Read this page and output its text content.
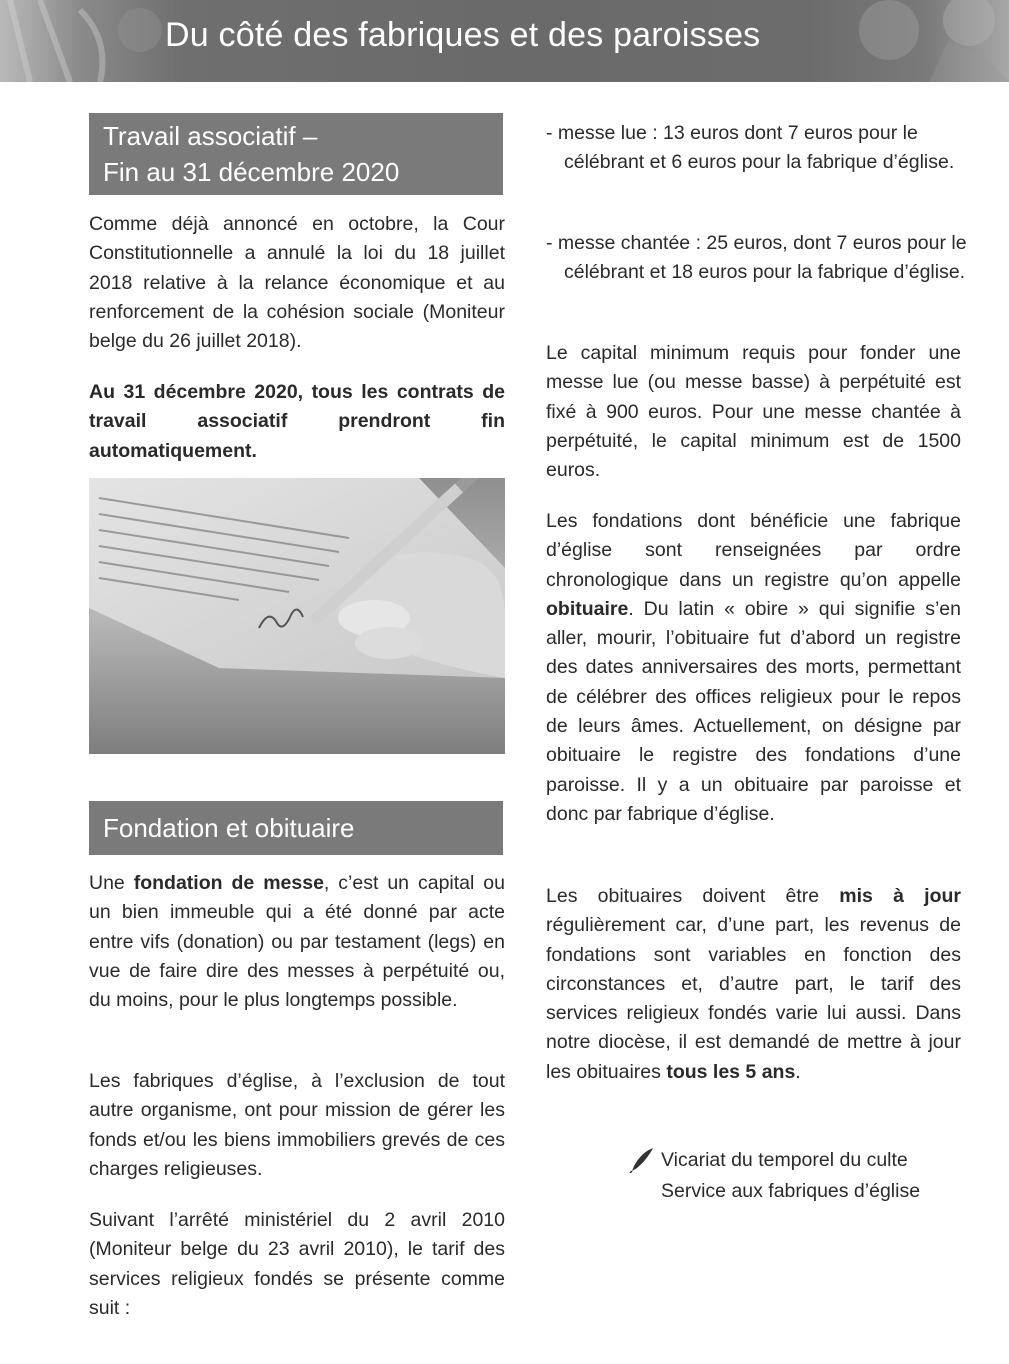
Du côté des fabriques et des paroisses
Travail associatif –
Fin au 31 décembre 2020

Comme déjà annoncé en octobre, la Cour Constitutionnelle a annulé la loi du 18 juillet 2018 relative à la relance économique et au renforcement de la cohésion sociale (Moniteur belge du 26 juillet 2018).

Au 31 décembre 2020, tous les contrats de travail associatif prendront fin automatiquement.

Fondation et obituaire

Une fondation de messe, c’est un capital ou un bien immeuble qui a été donné par acte entre vifs (donation) ou par testament (legs) en vue de faire dire des messes à perpétuité ou, du moins, pour le plus longtemps possible.

Les fabriques d’église, à l’exclusion de tout autre organisme, ont pour mission de gérer les fonds et/ou les biens immobiliers grevés de ces charges religieuses.

Suivant l’arrêté ministériel du 2 avril 2010 (Moniteur belge du 23 avril 2010), le tarif des services religieux fondés se présente comme suit :

- messe lue : 13 euros dont 7 euros pour le célébrant et 6 euros pour la fabrique d’église.

- messe chantée : 25 euros, dont 7 euros pour le célébrant et 18 euros pour la fabrique d’église.

Le capital minimum requis pour fonder une messe lue (ou messe basse) à perpétuité est fixé à 900 euros. Pour une messe chantée à perpétuité, le capital minimum est de 1500 euros.

Les fondations dont bénéficie une fabrique d’église sont renseignées par ordre chronologique dans un registre qu’on appelle obituaire. Du latin « obire » qui signifie s’en aller, mourir, l’obituaire fut d’abord un registre des dates anniversaires des morts, permettant de célébrer des offices religieux pour le repos de leurs âmes. Actuellement, on désigne par obituaire le registre des fondations d’une paroisse. Il y a un obituaire par paroisse et donc par fabrique d’église.

Les obituaires doivent être mis à jour régulièrement car, d’une part, les revenus de fondations sont variables en fonction des circonstances et, d’autre part, le tarif des services religieux fondés varie lui aussi. Dans notre diocèse, il est demandé de mettre à jour les obituaires tous les 5 ans.

Vicariat du temporel du culte
Service aux fabriques d’église
